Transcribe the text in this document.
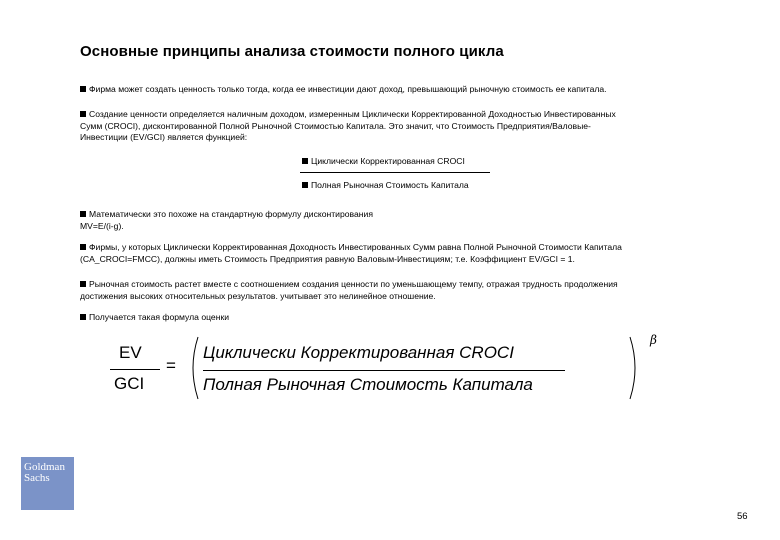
Основные принципы анализа стоимости полного цикла
Фирма может создать ценность только тогда, когда ее инвестиции дают доход, превышающий рыночную стоимость ее капитала.
Создание ценности определяется наличным доходом, измеренным Циклически Корректированной Доходностью Инвестированных
Сумм (CROCI), дисконтированной Полной Рыночной Стоимостью Капитала. Это значит, что Стоимость Предприятия/Валовые-
Инвестиции (EV/GCI) является функцией:
Циклически Корректированная CROCI
Полная Рыночная Стоимость Капитала
Математически это похоже на стандартную формулу дисконтирования
MV=E/(i-g).
Фирмы, у которых Циклически Корректированная Доходность Инвестированных Сумм равна Полной Рыночной Стоимости Капитала
(CA_CROCI=FMCC), должны иметь Стоимость Предприятия равную Валовым-Инвестициям; т.е. Коэффициент EV/GCI = 1.
Рыночная стоимость растет вместе с соотношением создания ценности по уменьшающему темпу, отражая трудность продолжения
достижения высоких относительных результатов. учитывает это нелинейное отношение.
Получается такая формула оценки
EV
GCI
=
Циклически Корректированная CROCI
Полная Рыночная Стоимость Капитала
β
Goldman
Sachs
56
